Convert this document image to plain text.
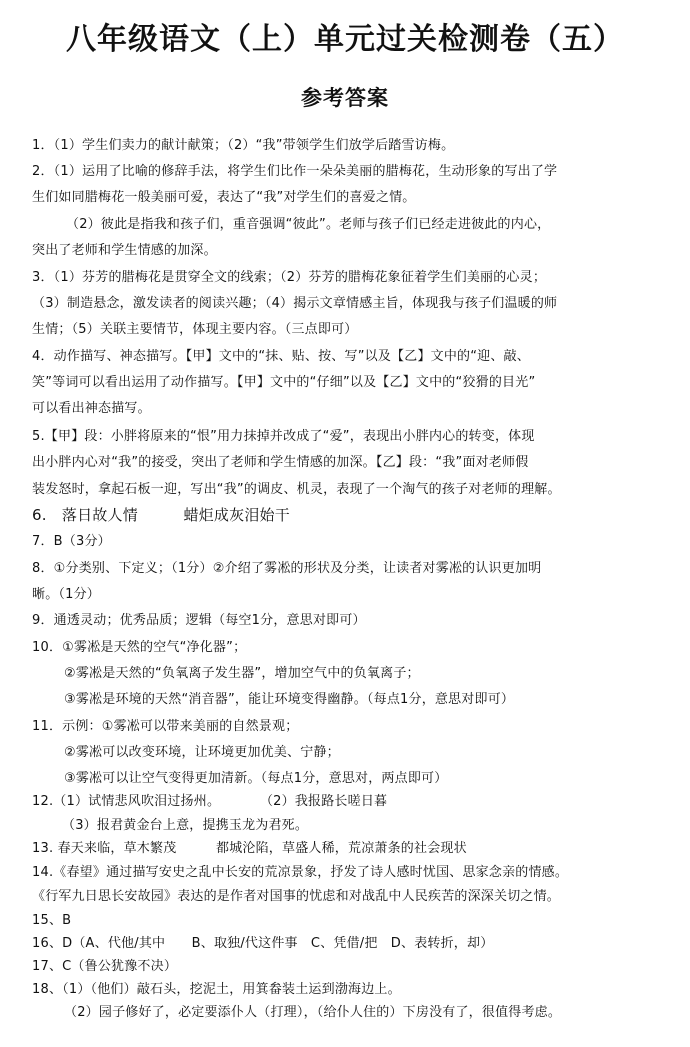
八年级语文（上）单元过关检测卷（五）
参考答案
1．（1）学生们卖力的献计献策；（2）“我”带领学生们放学后踏雪访梅。
2．（1）运用了比喻的修辞手法，将学生们比作一朵朵美丽的腊梅花，生动形象的写出了学
生们如同腊梅花一般美丽可爱，表达了“我”对学生们的喜爱之情。
（2）彼此是指我和孩子们，重音强调“彼此”。老师与孩子们已经走进彼此的内心，
突出了老师和学生情感的加深。
3．（1）芬芳的腊梅花是贯穿全文的线索；（2）芬芳的腊梅花象征着学生们美丽的心灵；
（3）制造悬念，激发读者的阅读兴趣；（4）揭示文章情感主旨，体现我与孩子们温暖的师
生情；（5）关联主要情节，体现主要内容。（三点即可）
4．动作描写、神态描写。【甲】文中的“抹、贴、按、写”以及【乙】文中的“迎、敲、
笑”等词可以看出运用了动作描写。【甲】文中的“仔细”以及【乙】文中的“狡猾的目光”
可以看出神态描写。
5.【甲】段：小胖将原来的“恨”用力抹掉并改成了“爱”，表现出小胖内心的转变，体现
出小胖内心对“我”的接受，突出了老师和学生情感的加深。【乙】段：“我”面对老师假
装发怒时，拿起石板一迎，写出“我”的调皮、机灵，表现了一个淘气的孩子对老师的理解。
6.　落日故人情　　　蜡炬成灰泪始干
7．B（3分）
8．①分类别、下定义；（1分）②介绍了雾凇的形状及分类，让读者对雾凇的认识更加明
晰。（1分）
9．通透灵动；优秀品质；逻辑（每空1分，意思对即可）
10．①雾凇是天然的空气“净化器”；
②雾凇是天然的“负氧离子发生器”，增加空气中的负氧离子；
③雾凇是环境的天然“消音器”，能让环境变得幽静。（每点1分，意思对即可）
11．示例：①雾凇可以带来美丽的自然景观；
②雾凇可以改变环境，让环境更加优美、宁静；
③雾凇可以让空气变得更加清新。（每点1分，意思对，两点即可）
12.（1）试情悲风吹泪过扬州。　　　　（2）我报路长嗟日暮
（3）报君黄金台上意，提携玉龙为君死。
13. 春天来临，草木繁茂　　　都城沦陷，草盛人稀，荒凉萧条的社会现状
14.《春望》通过描写安史之乱中长安的荒凉景象，抒发了诗人感时忧国、思家念亲的情感。
《行军九日思长安故园》表达的是作者对国事的忧虑和对战乱中人民疾苦的深深关切之情。
15、B
16、D（A、代他/其中　　B、取独/代这件事　C、凭借/把　D、表转折，却）
17、C（鲁公犹豫不决）
18、（1）（他们）敲石头，挖泥土，用箕畚装土运到渤海边上。
（2）园子修好了，必定要添仆人（打理），（给仆人住的）下房没有了，很值得考虑。
